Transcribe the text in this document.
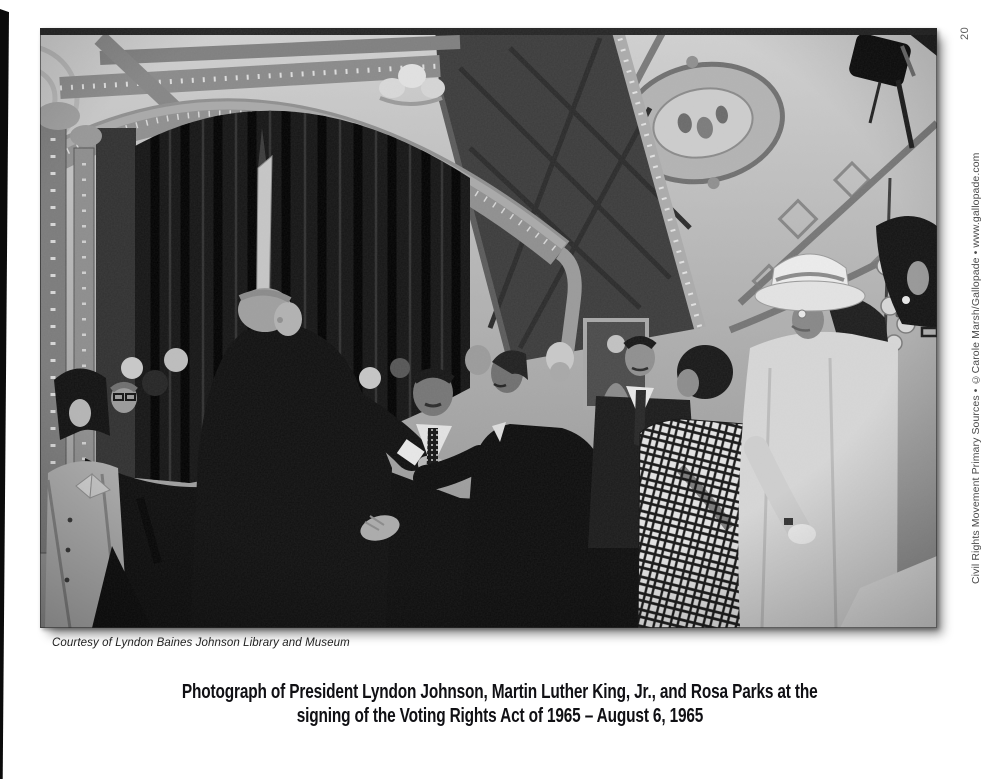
20
Civil Rights Movement Primary Sources • ©Carole Marsh/Gallopade • www.gallopade.com
Courtesy of Lyndon Baines Johnson Library and Museum
Photograph of President Lyndon Johnson, Martin Luther King, Jr., and Rosa Parks at the
signing of the Voting Rights Act of 1965 – August 6, 1965
